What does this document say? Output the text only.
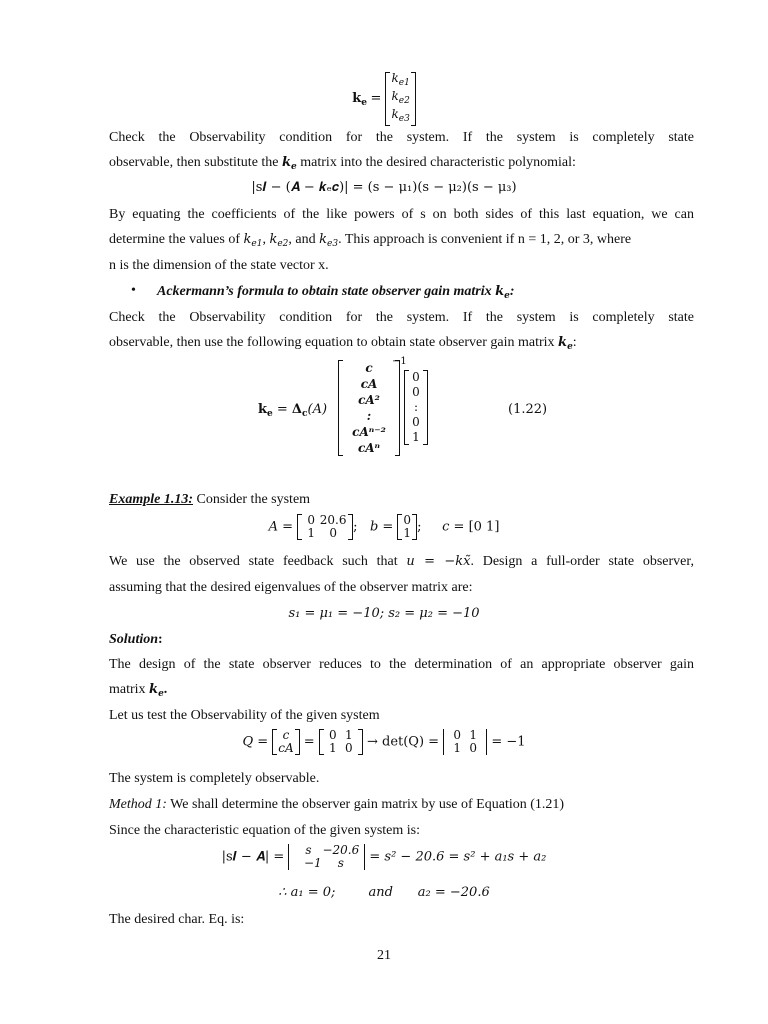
$k_e$ =
$k_{e1}$
$k_{e2}$
$k_{e3}$
Check the Observability condition for the system. If the system is completely state
observable, then substitute the $k_e$ matrix into the desired characteristic polynomial:
|s𝑰 − (𝑨 − 𝒌ₑ𝒄)| = (s − μ₁)(s − μ₂)(s − μ₃)
By equating the coefficients of the like powers of s on both sides of this last equation, we can
determine the values of $k_{e1}$, $k_{e2}$, and $k_{e3}$. This approach is convenient if n = 1, 2, or 3, where
n is the dimension of the state vector x.
• Ackermann’s formula to obtain state observer gain matrix $k_e$:
Check the Observability condition for the system. If the system is completely state
observable, then use the following equation to obtain state observer gain matrix $k_e$:
$k_e = \Delta_c(A)$
c
cA
cA²
:
cAⁿ⁻²
cAⁿ
−1
0
0
:
0
1
(1.22)
Example 1.13: Consider the system
A = 0 20.6
1 0	; b = 0
1 ; c = [0 1]
We use the observed state feedback such that u = −kx̃. Design a full-order state observer,
assuming that the desired eigenvalues of the observer matrix are:
s₁ = μ₁ = −10; s₂ = μ₂ = −10
Solution:
The design of the state observer reduces to the determination of an appropriate observer gain
matrix $k_e$.
Let us test the Observability of the given system
Q = c
cA = 0 1
1 0	→ det(Q) = 0 1
1 0	= −1
The system is completely observable.
Method 1: We shall determine the observer gain matrix by use of Equation (1.21)
Since the characteristic equation of the given system is:
|s𝑰 − 𝑨| =	s −20.6
−1 s	= s² − 20.6 = s² + a₁s + a₂
∴ a₁ = 0;	and a₂ = −20.6
The desired char. Eq. is:
21
